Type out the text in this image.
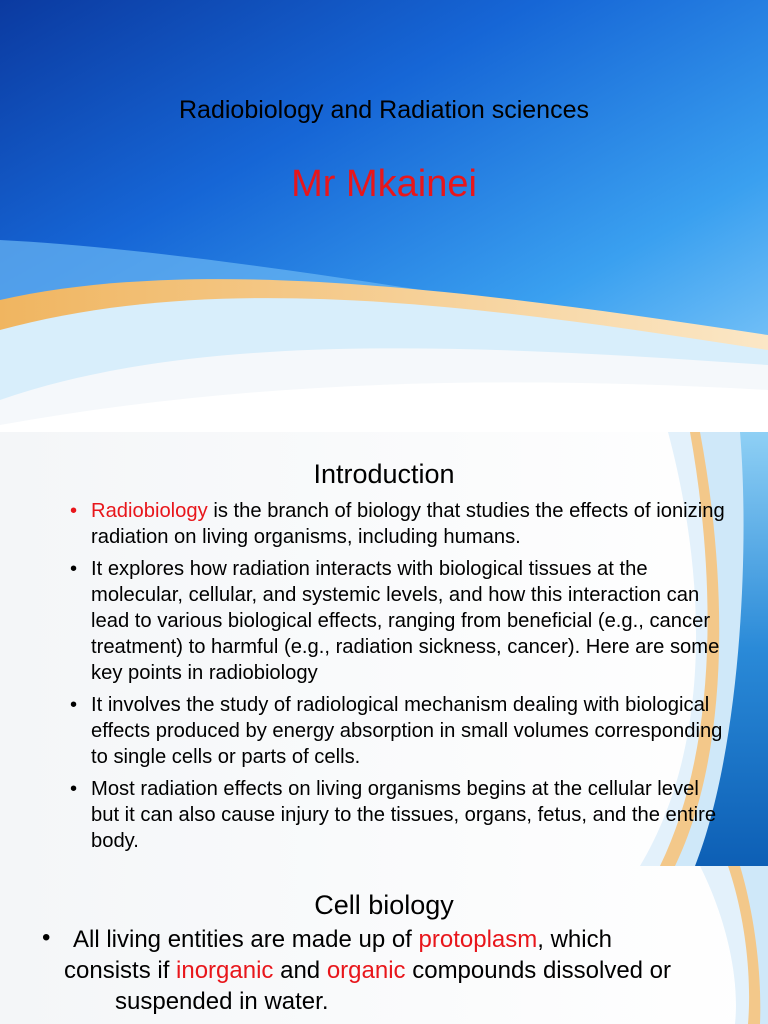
Radiobiology and Radiation sciences
Mr Mkainei
Introduction
• Radiobiology is the branch of biology that studies the effects of ionizing radiation on living organisms, including humans.
• It explores how radiation interacts with biological tissues at the molecular, cellular, and systemic levels, and how this interaction can lead to various biological effects, ranging from beneficial (e.g., cancer treatment) to harmful (e.g., radiation sickness, cancer). Here are some key points in radiobiology
• It involves the study of radiological mechanism dealing with biological effects produced by energy absorption in small volumes corresponding to single cells or parts of cells.
• Most radiation effects on living organisms begins at the cellular level but it can also cause injury to the tissues, organs, fetus, and the entire body.
Cell biology
• All living entities are made up of protoplasm, which
consists if inorganic and organic compounds dissolved or
suspended in water.
